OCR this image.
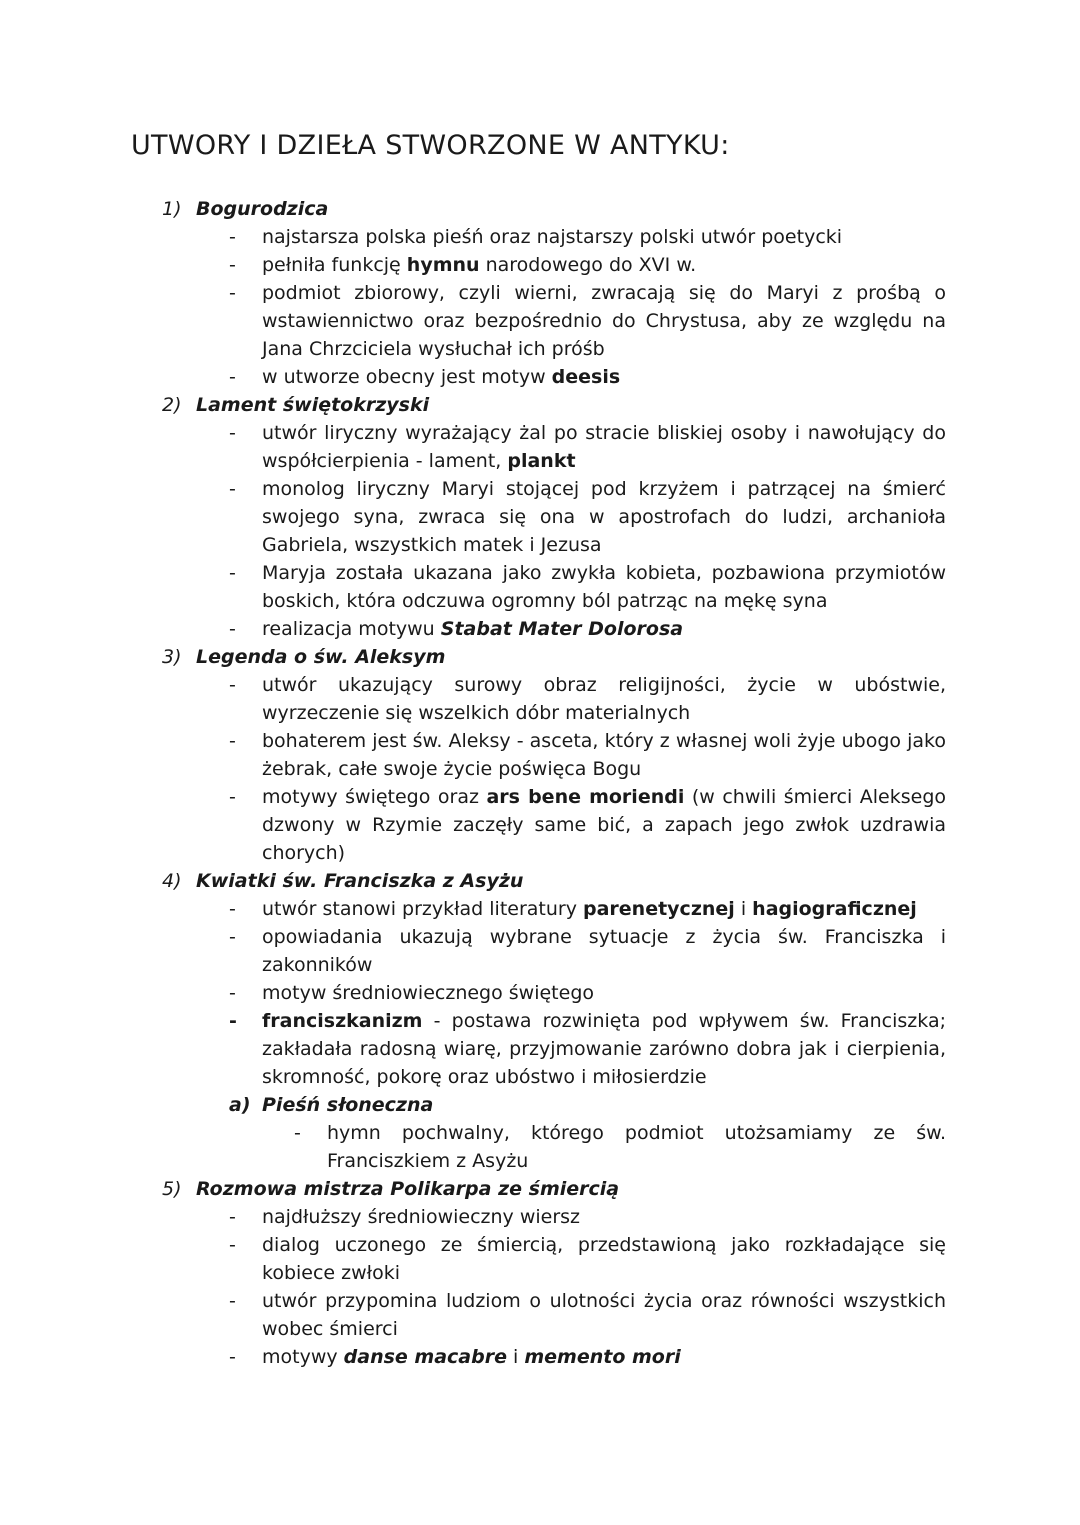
UTWORY I DZIEŁA STWORZONE W ANTYKU:
1) Bogurodzica
- najstarsza polska pieśń oraz najstarszy polski utwór poetycki
- pełniła funkcję hymnu narodowego do XVI w.
- podmiot zbiorowy, czyli wierni, zwracają się do Maryi z prośbą o wstawiennictwo oraz bezpośrednio do Chrystusa, aby ze względu na Jana Chrzciciela wysłuchał ich próśb
- w utworze obecny jest motyw deesis
2) Lament świętokrzyski
- utwór liryczny wyrażający żal po stracie bliskiej osoby i nawołujący do współcierpienia - lament, plankt
- monolog liryczny Maryi stojącej pod krzyżem i patrzącej na śmierć swojego syna, zwraca się ona w apostrofach do ludzi, archanioła Gabriela, wszystkich matek i Jezusa
- Maryja została ukazana jako zwykła kobieta, pozbawiona przymiotów boskich, która odczuwa ogromny ból patrząc na mękę syna
- realizacja motywu Stabat Mater Dolorosa
3) Legenda o św. Aleksym
- utwór ukazujący surowy obraz religijności, życie w ubóstwie, wyrzeczenie się wszelkich dóbr materialnych
- bohaterem jest św. Aleksy - asceta, który z własnej woli żyje ubogo jako żebrak, całe swoje życie poświęca Bogu
- motywy świętego oraz ars bene moriendi (w chwili śmierci Aleksego dzwony w Rzymie zaczęły same bić, a zapach jego zwłok uzdrawia chorych)
4) Kwiatki św. Franciszka z Asyżu
- utwór stanowi przykład literatury parenetycznej i hagiograficznej
- opowiadania ukazują wybrane sytuacje z życia św. Franciszka i zakonników
- motyw średniowiecznego świętego
- franciszkanizm - postawa rozwinięta pod wpływem św. Franciszka; zakładała radosną wiarę, przyjmowanie zarówno dobra jak i cierpienia, skromność, pokorę oraz ubóstwo i miłosierdzie
a) Pieśń słoneczna
- hymn pochwalny, którego podmiot utożsamiamy ze św. Franciszkiem z Asyżu
5) Rozmowa mistrza Polikarpa ze śmiercią
- najdłuższy średniowieczny wiersz
- dialog uczonego ze śmiercią, przedstawioną jako rozkładające się kobiece zwłoki
- utwór przypomina ludziom o ulotności życia oraz równości wszystkich wobec śmierci
- motywy danse macabre i memento mori
